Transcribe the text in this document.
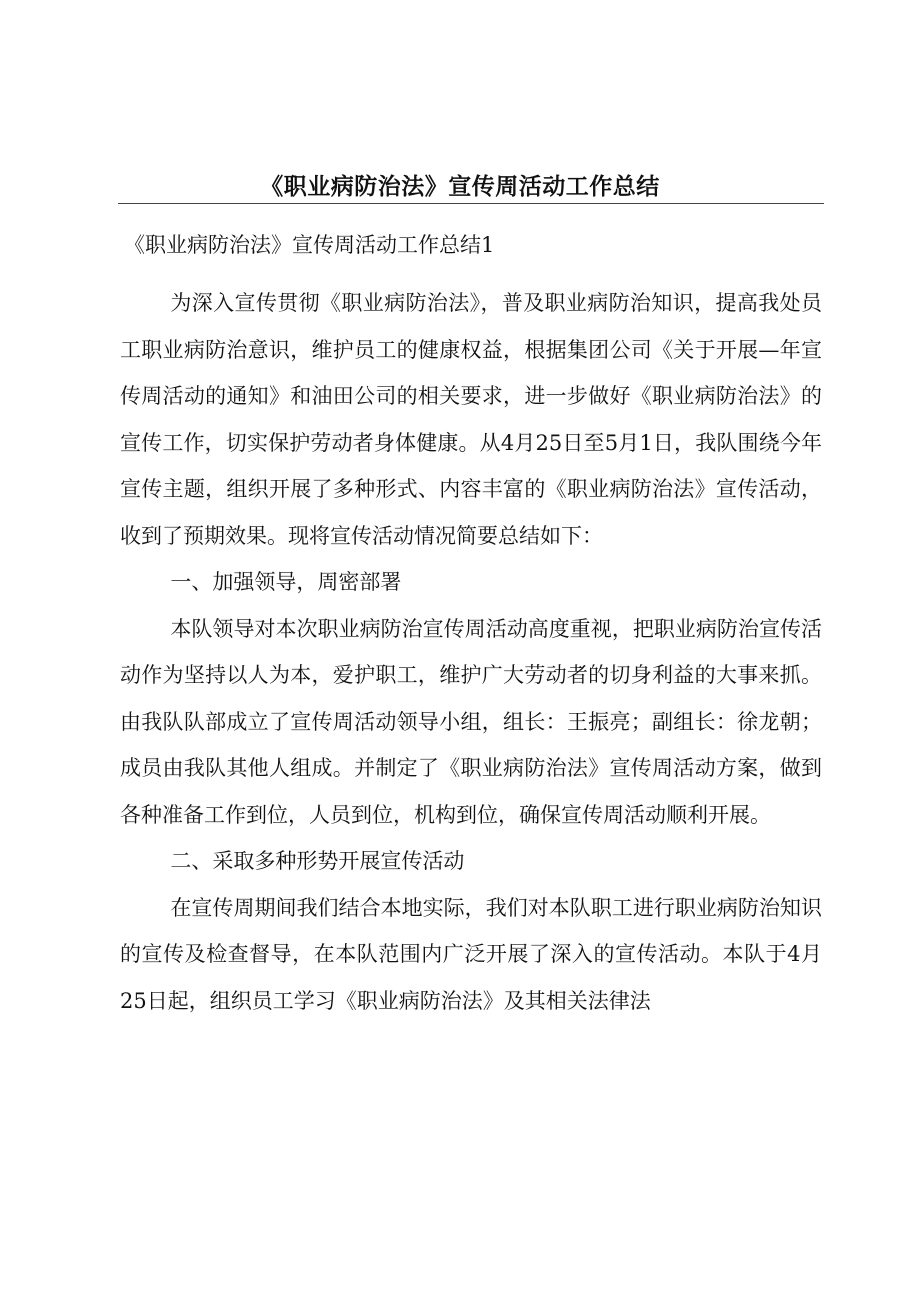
《职业病防治法》宣传周活动工作总结

《职业病防治法》宣传周活动工作总结1

为深入宣传贯彻《职业病防治法》，普及职业病防治知识，提高我处员工职业病防治意识，维护员工的健康权益，根据集团公司《关于开展—年宣传周活动的通知》和油田公司的相关要求，进一步做好《职业病防治法》的宣传工作，切实保护劳动者身体健康。从4月25日至5月1日，我队围绕今年宣传主题，组织开展了多种形式、内容丰富的《职业病防治法》宣传活动，收到了预期效果。现将宣传活动情况简要总结如下：

一、加强领导，周密部署

本队领导对本次职业病防治宣传周活动高度重视，把职业病防治宣传活动作为坚持以人为本，爱护职工，维护广大劳动者的切身利益的大事来抓。由我队队部成立了宣传周活动领导小组，组长：王振亮；副组长：徐龙朝；成员由我队其他人组成。并制定了《职业病防治法》宣传周活动方案，做到各种准备工作到位，人员到位，机构到位，确保宣传周活动顺利开展。

二、采取多种形势开展宣传活动

在宣传周期间我们结合本地实际，我们对本队职工进行职业病防治知识的宣传及检查督导，在本队范围内广泛开展了深入的宣传活动。本队于4月25日起，组织员工学习《职业病防治法》及其相关法律法
